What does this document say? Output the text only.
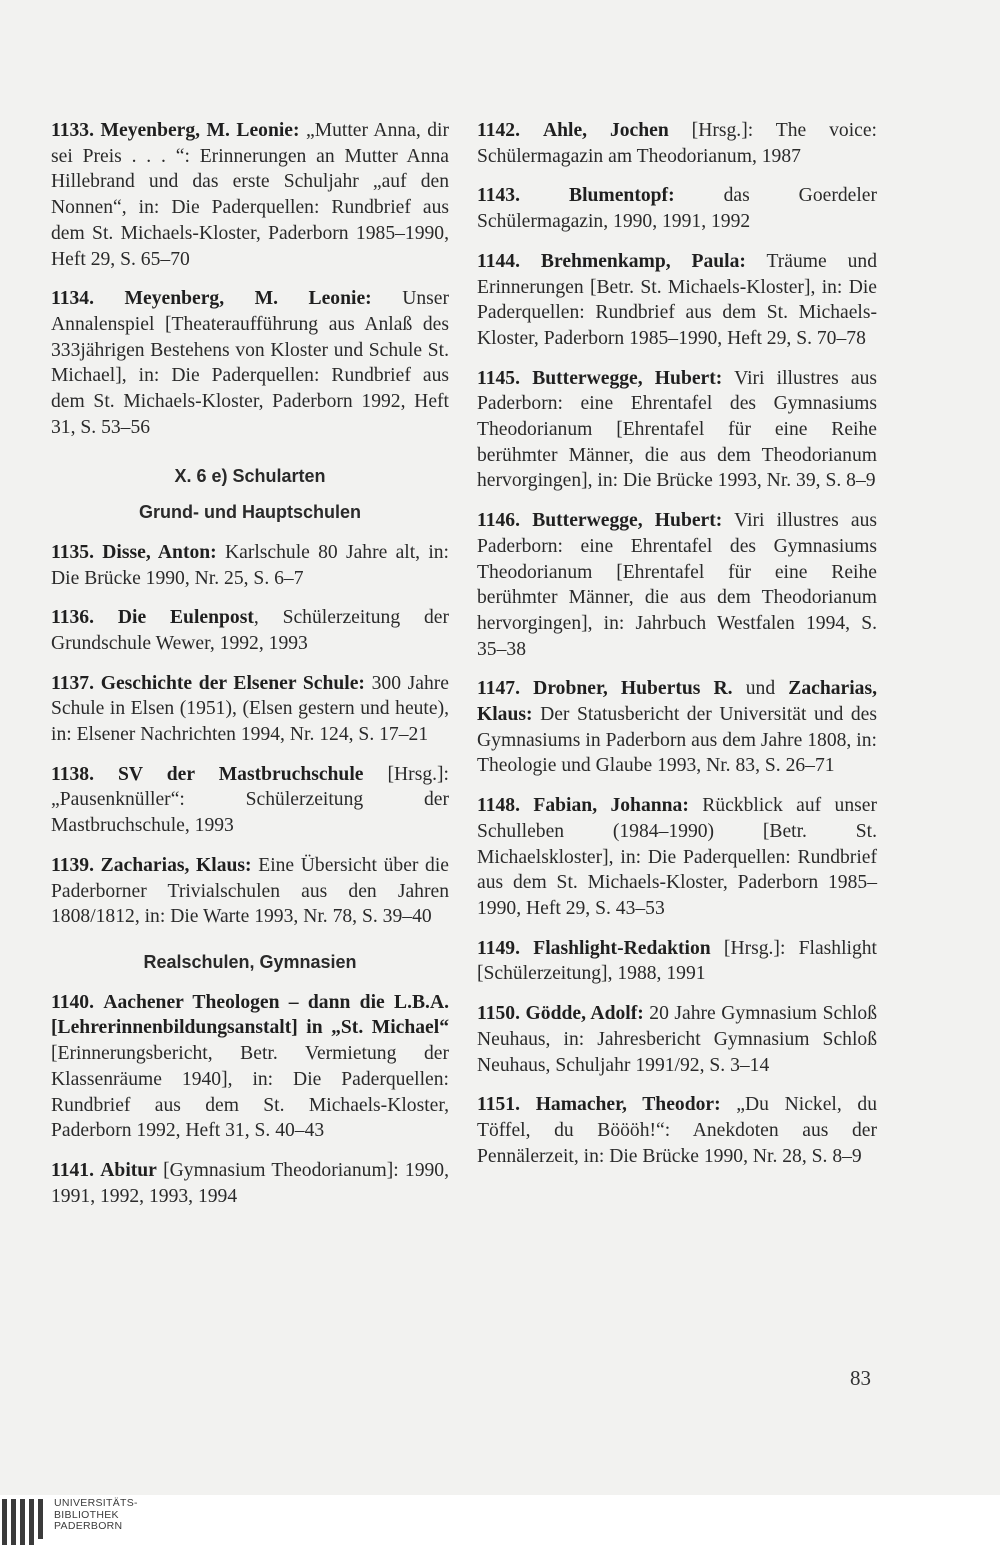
1133. Meyenberg, M. Leonie: „Mutter Anna, dir sei Preis . . . “: Erinnerungen an Mutter Anna Hillebrand und das erste Schuljahr „auf den Nonnen“, in: Die Paderquellen: Rundbrief aus dem St. Michaels-Kloster, Paderborn 1985–1990, Heft 29, S. 65–70

1134. Meyenberg, M. Leonie: Unser Annalenspiel [Theateraufführung aus Anlaß des 333jährigen Bestehens von Kloster und Schule St. Michael], in: Die Paderquellen: Rundbrief aus dem St. Michaels-Kloster, Paderborn 1992, Heft 31, S. 53–56

X. 6 e) Schularten

Grund- und Hauptschulen

1135. Disse, Anton: Karlschule 80 Jahre alt, in: Die Brücke 1990, Nr. 25, S. 6–7

1136. Die Eulenpost, Schülerzeitung der Grundschule Wewer, 1992, 1993

1137. Geschichte der Elsener Schule: 300 Jahre Schule in Elsen (1951), (Elsen gestern und heute), in: Elsener Nachrichten 1994, Nr. 124, S. 17–21

1138. SV der Mastbruchschule [Hrsg.]: „Pausenknüller“: Schülerzeitung der Mastbruchschule, 1993

1139. Zacharias, Klaus: Eine Übersicht über die Paderborner Trivialschulen aus den Jahren 1808/1812, in: Die Warte 1993, Nr. 78, S. 39–40

Realschulen, Gymnasien

1140. Aachener Theologen – dann die L.B.A. [Lehrerinnenbildungsanstalt] in „St. Michael“ [Erinnerungsbericht, Betr. Vermietung der Klassenräume 1940], in: Die Paderquellen: Rundbrief aus dem St. Michaels-Kloster, Paderborn 1992, Heft 31, S. 40–43

1141. Abitur [Gymnasium Theodorianum]: 1990, 1991, 1992, 1993, 1994

1142. Ahle, Jochen [Hrsg.]: The voice: Schülermagazin am Theodorianum, 1987

1143. Blumentopf: das Goerdeler Schülermagazin, 1990, 1991, 1992

1144. Brehmenkamp, Paula: Träume und Erinnerungen [Betr. St. Michaels-Kloster], in: Die Paderquellen: Rundbrief aus dem St. Michaels-Kloster, Paderborn 1985–1990, Heft 29, S. 70–78

1145. Butterwegge, Hubert: Viri illustres aus Paderborn: eine Ehrentafel des Gymnasiums Theodorianum [Ehrentafel für eine Reihe berühmter Männer, die aus dem Theodorianum hervorgingen], in: Die Brücke 1993, Nr. 39, S. 8–9

1146. Butterwegge, Hubert: Viri illustres aus Paderborn: eine Ehrentafel des Gymnasiums Theodorianum [Ehrentafel für eine Reihe berühmter Männer, die aus dem Theodorianum hervorgingen], in: Jahrbuch Westfalen 1994, S. 35–38

1147. Drobner, Hubertus R. und Zacharias, Klaus: Der Statusbericht der Universität und des Gymnasiums in Paderborn aus dem Jahre 1808, in: Theologie und Glaube 1993, Nr. 83, S. 26–71

1148. Fabian, Johanna: Rückblick auf unser Schulleben (1984–1990) [Betr. St. Michaelskloster], in: Die Paderquellen: Rundbrief aus dem St. Michaels-Kloster, Paderborn 1985–1990, Heft 29, S. 43–53

1149. Flashlight-Redaktion [Hrsg.]: Flashlight [Schülerzeitung], 1988, 1991

1150. Gödde, Adolf: 20 Jahre Gymnasium Schloß Neuhaus, in: Jahresbericht Gymnasium Schloß Neuhaus, Schuljahr 1991/92, S. 3–14

1151. Hamacher, Theodor: „Du Nickel, du Töffel, du Böööh!“: Anekdoten aus der Pennälerzeit, in: Die Brücke 1990, Nr. 28, S. 8–9

83
UNIVERSITÄTS-
BIBLIOTHEK
PADERBORN
